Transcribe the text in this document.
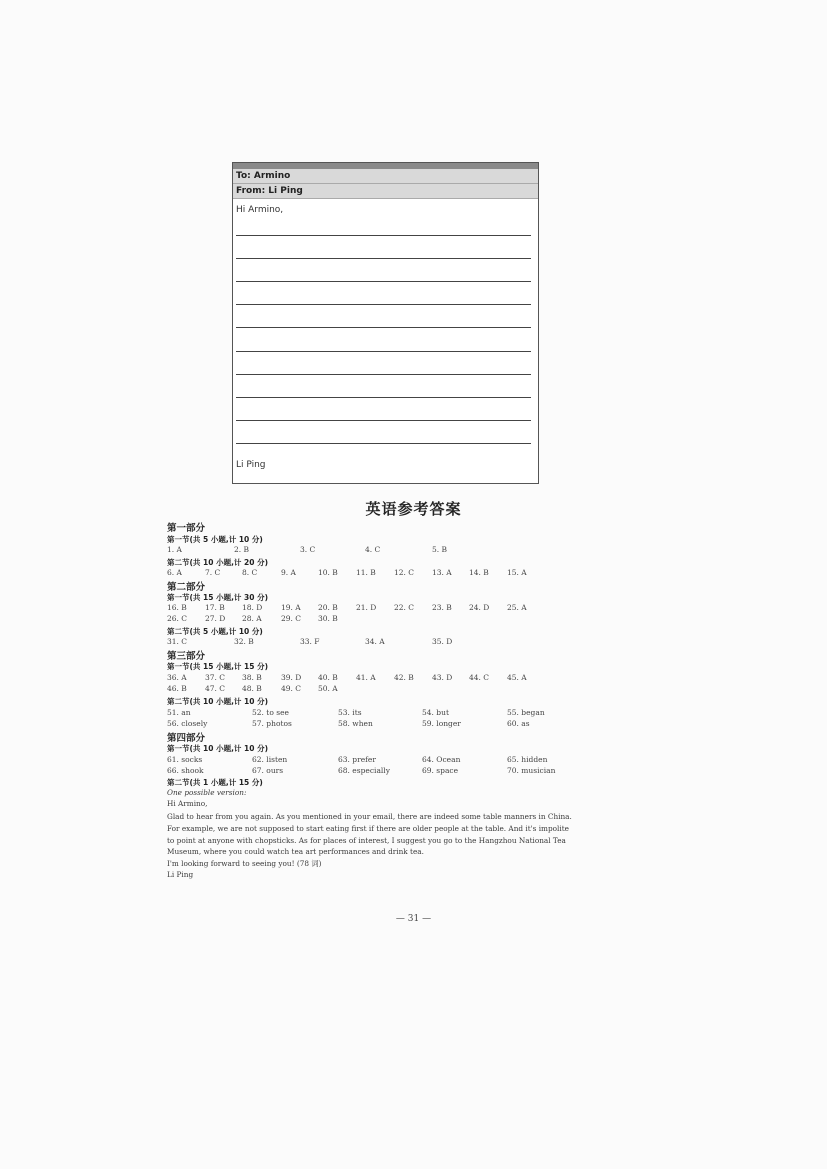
To: Armino
From: Li Ping
Hi Armino,
Li Ping
英语参考答案
第一部分
第一节(共 5 小题,计 10 分)
1. A	2. B	3. C	4. C	5. B
第二节(共 10 小题,计 20 分)
6. A	7. C	8. C	9. A	10. B 11. B 12. C 13. A 14. B 15. A
第二部分
第一节(共 15 小题,计 30 分)
16. B 17. B 18. D 19. A 20. B 21. D 22. C 23. B 24. D 25. A
26. C 27. D 28. A	29. C 30. B
第二节(共 5 小题,计 10 分)
31. C	32. B	33. F	34. A	35. D
第三部分
第一节(共 15 小题,计 15 分)
36. A 37. C 38. B	39. D 40. B 41. A 42. B 43. D 44. C 45. A
46. B 47. C 48. B	49. C 50. A
第二节(共 10 小题,计 10 分)
51. an	52. to see	53. its	54. but	55. began
56. closely	57. photos	58. when	59. longer	60. as
第四部分
第一节(共 10 小题,计 10 分)
61. socks	62. listen	63. prefer	64. Ocean	65. hidden
66. shook	67. ours	68. especially	69. space	70. musician
第二节(共 1 小题,计 15 分)
One possible version:
Hi Armino,
Glad to hear from you again. As you mentioned in your email, there are indeed some table manners in China.
For example, we are not supposed to start eating first if there are older people at the table. And it's impolite
to point at anyone with chopsticks. As for places of interest, I suggest you go to the Hangzhou National Tea
Museum, where you could watch tea art performances and drink tea.
I'm looking forward to seeing you! (78 词)
Li Ping
— 31 —
